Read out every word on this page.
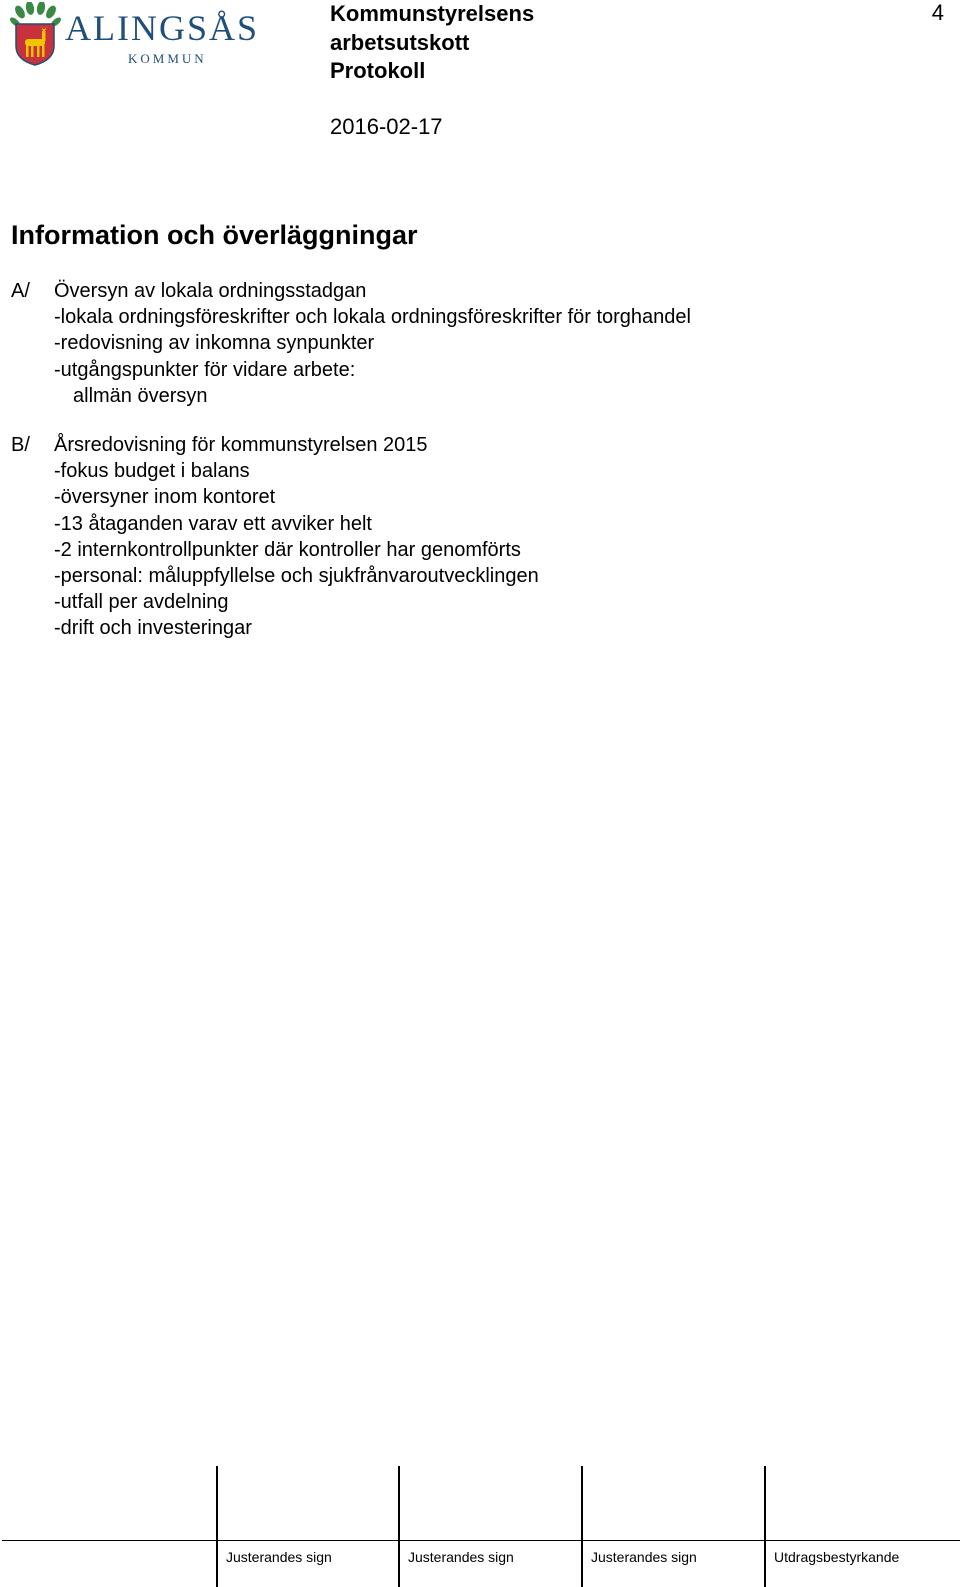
ALINGSÅS
KOMMUN
Kommunstyrelsens
arbetsutskott
Protokoll
4
2016-02-17
Information och överläggningar
A/ Översyn av lokala ordningsstadgan
-lokala ordningsföreskrifter och lokala ordningsföreskrifter för torghandel
-redovisning av inkomna synpunkter
-utgångspunkter för vidare arbete:
allmän översyn
B/ Årsredovisning för kommunstyrelsen 2015
-fokus budget i balans
-översyner inom kontoret
-13 åtaganden varav ett avviker helt
-2 internkontrollpunkter där kontroller har genomförts
-personal: måluppfyllelse och sjukfrånvaroutvecklingen
-utfall per avdelning
-drift och investeringar
Justerandes sign	Justerandes sign	Justerandes sign	Utdragsbestyrkande
